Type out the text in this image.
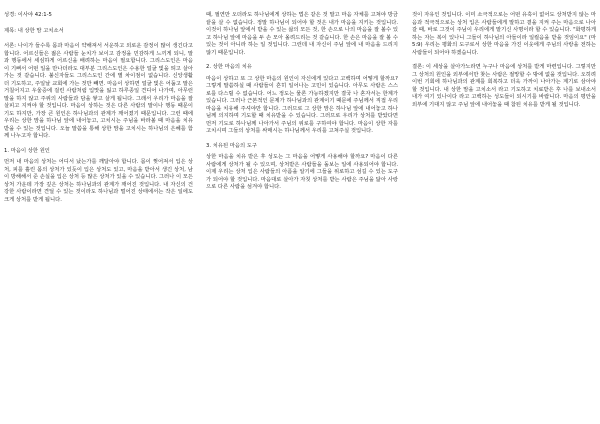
성경: 이사야 42:1-5

제목: 내 상한 맘 고치소서

서론: 나이가 들수록 몸과 마음이 약해져서 서운하고 외로운 감정이 많이 생긴다고 합니다. 어르신들은 젊은 사람들 눈치가 보이고 감정을 민감하게 느끼게 되니, 말과 행동에서 세심하게 어르신을 배려하는 마음이 필요합니다. 그리스도인은 마음이 기뻐서 어떤 일을 만나더라도 대부분 그리스도인은 수용한 얼굴 빛을 띄고 살아가는 것 같습니다. 불신자들도 그리스도인 간에 별 차이점이 없습니다. 신앙생활 더 기도하고, 주일날 교회에 가는 것만 빼면. 마음이 상하면 얼굴 빛은 어둡고 말은 거칠어지고 우울증에 걸린 사람처럼 입맛을 잃고 하루종일 견디어 나가며, 아무런 말을 하지 않고 주위의 사람들과 담을 쌓고 살게 됩니다. 그래서 우리가 마음을 잘 살피고 지켜야 할 것입니다. 마음이 상하는 것은 다른 사람의 말이나 행동 때문이기도 하지만, 가장 큰 원인은 하나님과의 관계가 깨어졌기 때문입니다. 그런 때에 우리는 상한 맘을 하나님 앞에 내어놓고, 고치시는 주님을 바라볼 때 마음을 치유받을 수 있는 것입니다. 오늘 말씀을 통해 상한 맘을 고치시는 하나님의 은혜를 함께 나누고자 합니다.

1. 마음이 상한 원인

먼저 내 마음의 상처는 어디서 났는가를 깨달아야 합니다. 몸이 찢어져서 입은 상처, 피를 흘린 몸의 상처가 있듯이 입은 상처도 있고, 마음을 받아서 생긴 상처, 남이 방해해서 준 손실을 입은 상처 등 많은 상처가 있을 수 있습니다. 그러나 이 모든 상처 가운데 가장 깊은 상처는 하나님과의 관계가 깨어진 것입니다. 내 자신의 건강한 사람이라면 견딜 수 있는 것이라도 하나님과 멀어진 상태에서는 작은 일에도 크게 상처를 받게 됩니다.

때, 필연만 오더라도 하나님에게 상하는 법은 같은 것 말고 마음 자체를 고쳐야 방금 끝을 살 수 없습니다. 정말 하나님이 되어야 할 것은 내가 마음을 지키는 것입니다. 이것이 하나님 앞에서 받을 수 있는 삶의 모든 것, 한 손으로 나의 마음을 잘 볼수 있고 하나님 앞에 마음을 두 손 모아 올려드리는 것 같습니다. 한 손은 마음을 잘 볼 수 있는 것이 아니라 하는 일 것입니다. 그런데 내 자신이 주님 앞에 내 마음을 드리지 않기 때문입니다.

2. 상한 마음의 치유

마음이 상하고 또 그 상한 마음의 원인이 자신에게 있다고 고백하며 어떻게 할까요? 그렇게 말씀하실 때 사람들이 흔히 일어나는 고민이 있습니다. 아무도 사람은 스스로를 다스릴 수 없습니다. 어느 정도는 물론 가능하겠지만 결국 나 혼자서는 한계가 있습니다. 그러나 근본적인 문제가 하나님과의 관계이기 때문에 주님께서 직접 우리 마음을 치유해 주셔야만 합니다. 그러므로 그 상한 맘은 하나님 앞에 내어놓고 하나님께 의지하며 기도할 때 치유받을 수 있습니다. 그러므로 우리가 상처를 받았다면 먼저 기도로 하나님께 나아가서 주님의 위로를 구하여야 합니다. 마음이 상한 자를 고치시며 그들의 상처를 싸매시는 하나님께서 우리를 고쳐주실 것입니다.

3. 치유된 마음의 도구

상한 마음을 치유 받은 후 성도는 그 마음을 어떻게 사용해야 할까요? 마음이 다른 사람에게 상처가 될 수 있으며, 상처받은 사람들을 돌보는 일에 사용되어야 합니다. 이제 우리는 상처 입은 사람들의 아픔을 알기에 그들을 위로하고 섬길 수 있는 도구가 되어야 할 것입니다. 마음대로 살아가 자칫 상처를 받는 사람은 주님을 닮아 사랑으로 다른 사람을 섬겨야 합니다.

것이 자유인 것입니다. 이미 소극적으로는 어떤 유혹이 없어도 상처받지 않는 마음과 적극적으로는 상처 입은 사람들에게 말하고 곁을 지켜 주는 마음으로 나아갈 때, 바로 그것이 주님이 우리에게 맡기신 사명이라 할 수 있습니다. "화평하게 하는 자는 복이 있나니 그들이 하나님의 아들이라 일컬음을 받을 것임이요" (마 5:9) 우리는 평화의 도구로서 상한 마음을 가진 이웃에게 주님의 사랑을 전하는 사람들이 되어야 하겠습니다.

결론: 이 세상을 살아가노라면 누구나 마음에 상처를 받게 마련입니다. 그렇지만 그 상처의 원인을 외부에서만 찾는 사람은 절망할 수 밖에 없을 것입니다. 오히려 이번 기회에 하나님과의 관계를 회복하고 더욱 가까이 나아가는 계기로 삼아야 할 것입니다. 내 상한 맘을 고치소서 라고 기도하고 치료받은 후 나를 보내소서 내가 여기 있나이다 라고 고백하는 성도들이 되시기를 바랍니다. 마음의 평안을 외부에 기대지 않고 주님 앞에 내어놓을 때 참된 치유를 받게 될 것입니다.
